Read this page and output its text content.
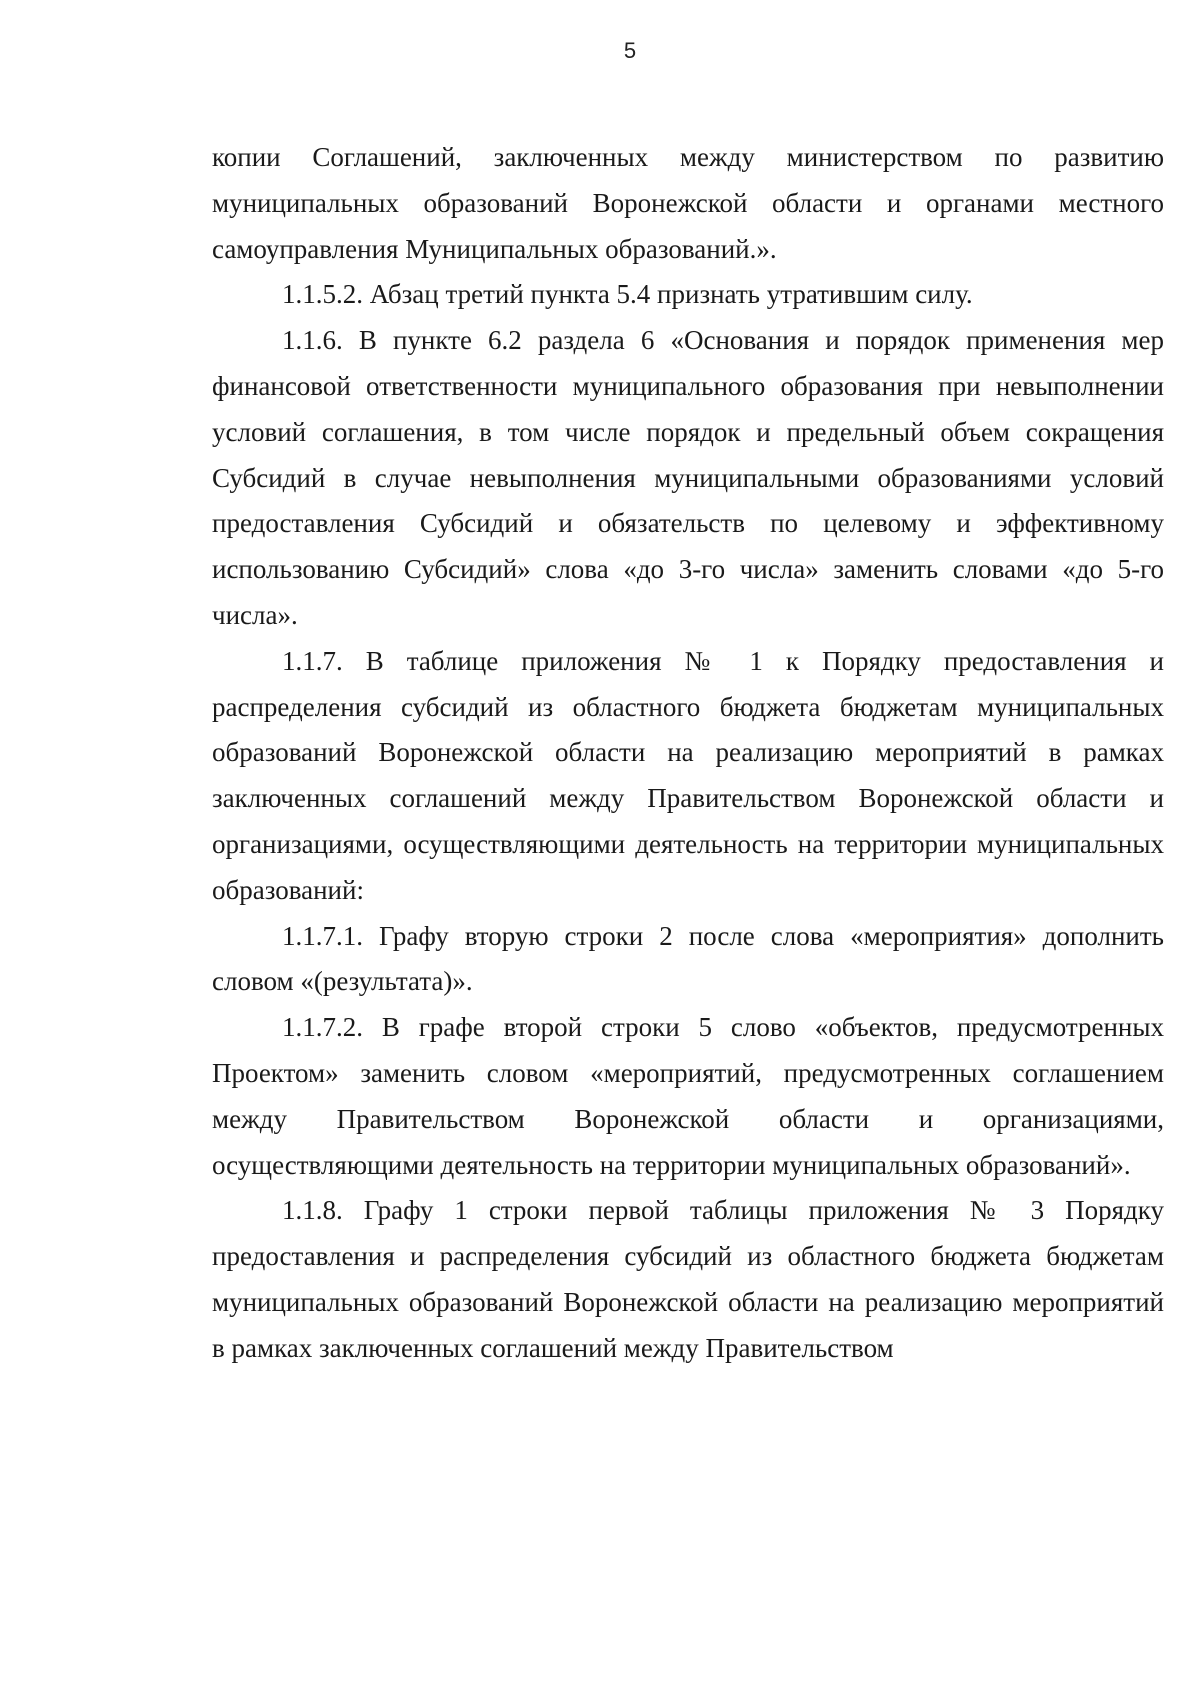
5

копии Соглашений, заключенных между министерством по развитию муниципальных образований Воронежской области и органами местного самоуправления Муниципальных образований.».

1.1.5.2. Абзац третий пункта 5.4 признать утратившим силу.

1.1.6. В пункте 6.2 раздела 6 «Основания и порядок применения мер финансовой ответственности муниципального образования при невыполнении условий соглашения, в том числе порядок и предельный объем сокращения Субсидий в случае невыполнения муниципальными образованиями условий предоставления Субсидий и обязательств по целевому и эффективному использованию Субсидий» слова «до 3-го числа» заменить словами «до 5-го числа».

1.1.7. В таблице приложения № 1 к Порядку предоставления и распределения субсидий из областного бюджета бюджетам муниципальных образований Воронежской области на реализацию мероприятий в рамках заключенных соглашений между Правительством Воронежской области и организациями, осуществляющими деятельность на территории муниципальных образований:

1.1.7.1. Графу вторую строки 2 после слова «мероприятия» дополнить словом «(результата)».

1.1.7.2. В графе второй строки 5 слово «объектов, предусмотренных Проектом» заменить словом «мероприятий, предусмотренных соглашением между Правительством Воронежской области и организациями, осуществляющими деятельность на территории муниципальных образований».

1.1.8. Графу 1 строки первой таблицы приложения № 3 Порядку предоставления и распределения субсидий из областного бюджета бюджетам муниципальных образований Воронежской области на реализацию мероприятий в рамках заключенных соглашений между Правительством
